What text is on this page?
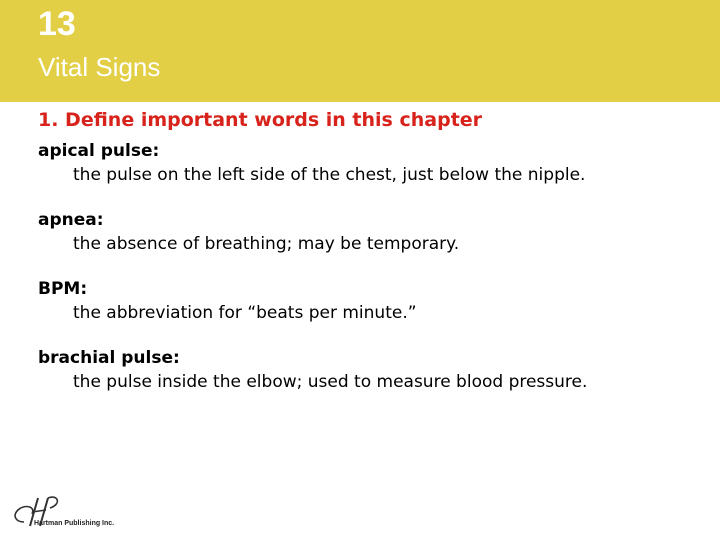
13
Vital Signs
1. Define important words in this chapter
apical pulse:
the pulse on the left side of the chest, just below the nipple.
apnea:
the absence of breathing; may be temporary.
BPM:
the abbreviation for “beats per minute.”
brachial pulse:
the pulse inside the elbow; used to measure blood pressure.
Hartman Publishing Inc.
